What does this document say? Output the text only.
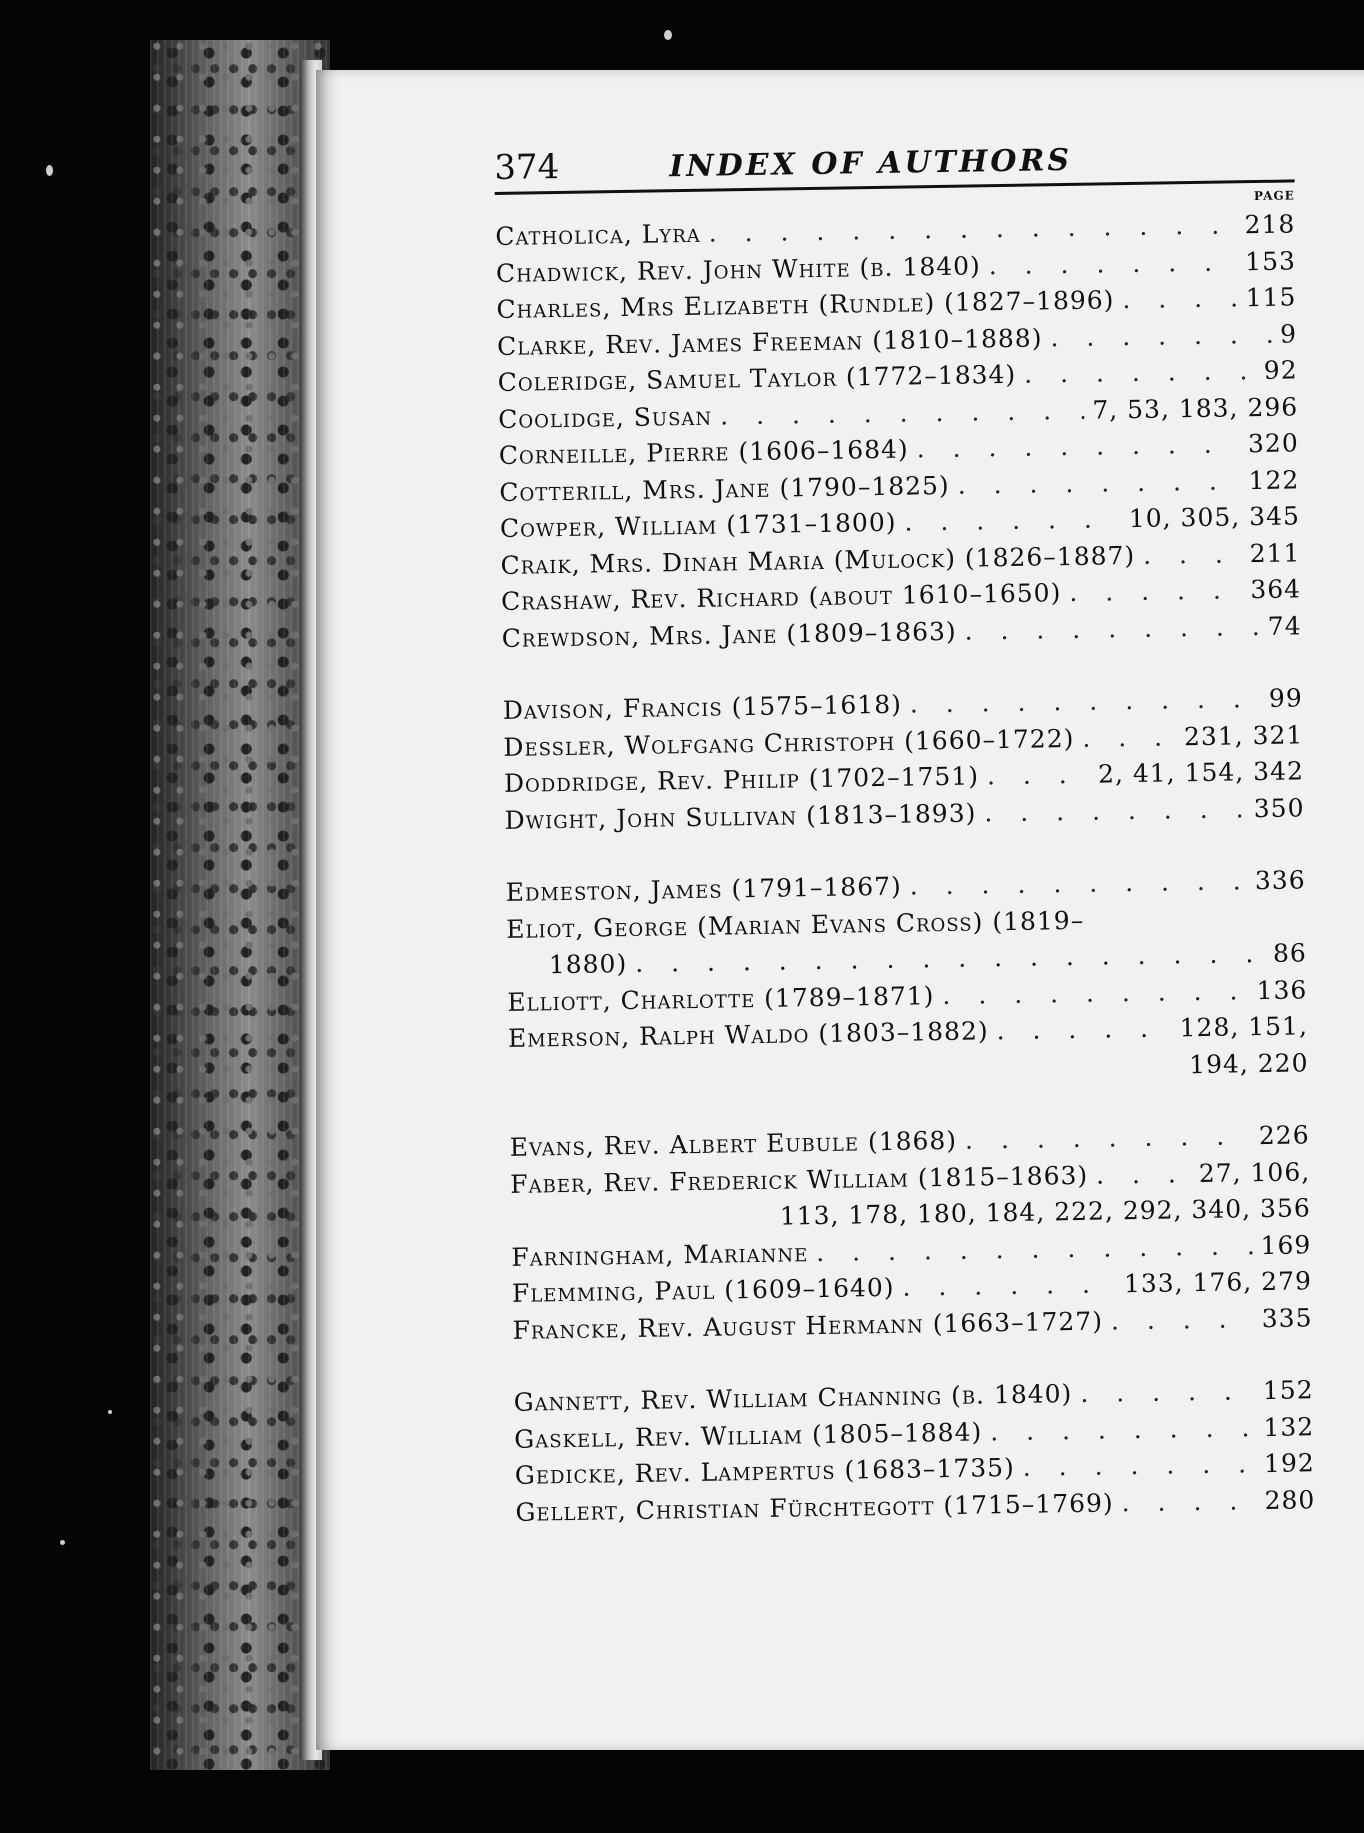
374	INDEX OF AUTHORS
PAGE
Catholica, Lyra . . .	218
Chadwick, Rev. John White (b. 1840) . . .	153
Charles, Mrs Elizabeth (Rundle) (1827–1896) . . .	115
Clarke, Rev. James Freeman (1810–1888) . . .	9
Coleridge, Samuel Taylor (1772–1834) . . .	92
Coolidge, Susan . . .	7, 53, 183, 296
Corneille, Pierre (1606–1684) . . .	320
Cotterill, Mrs. Jane (1790–1825) . . .	122
Cowper, William (1731–1800) . . .	10, 305, 345
Craik, Mrs. Dinah Maria (Mulock) (1826–1887) . . .	211
Crashaw, Rev. Richard (about 1610–1650) . . .	364
Crewdson, Mrs. Jane (1809–1863) . . .	74
Davison, Francis (1575–1618) . . .	99
Dessler, Wolfgang Christoph (1660–1722) . . .	231, 321
Doddridge, Rev. Philip (1702–1751) . . .	2, 41, 154, 342
Dwight, John Sullivan (1813–1893) . . .	350
Edmeston, James (1791–1867) . . .	336
Eliot, George (Marian Evans Cross) (1819–
1880) . . .	86
Elliott, Charlotte (1789–1871) . . .	136
Emerson, Ralph Waldo (1803–1882) . . .	128, 151,
194, 220
Evans, Rev. Albert Eubule (1868) . . .	226
Faber, Rev. Frederick William (1815–1863) . . .	27, 106,
113, 178, 180, 184, 222, 292, 340, 356
Farningham, Marianne . . .	169
Flemming, Paul (1609–1640) . . .	133, 176, 279
Francke, Rev. August Hermann (1663–1727) . . .	335
Gannett, Rev. William Channing (b. 1840) . . .	152
Gaskell, Rev. William (1805–1884) . . .	132
Gedicke, Rev. Lampertus (1683–1735) . . .	192
Gellert, Christian Fürchtegott (1715–1769) . . .	280
